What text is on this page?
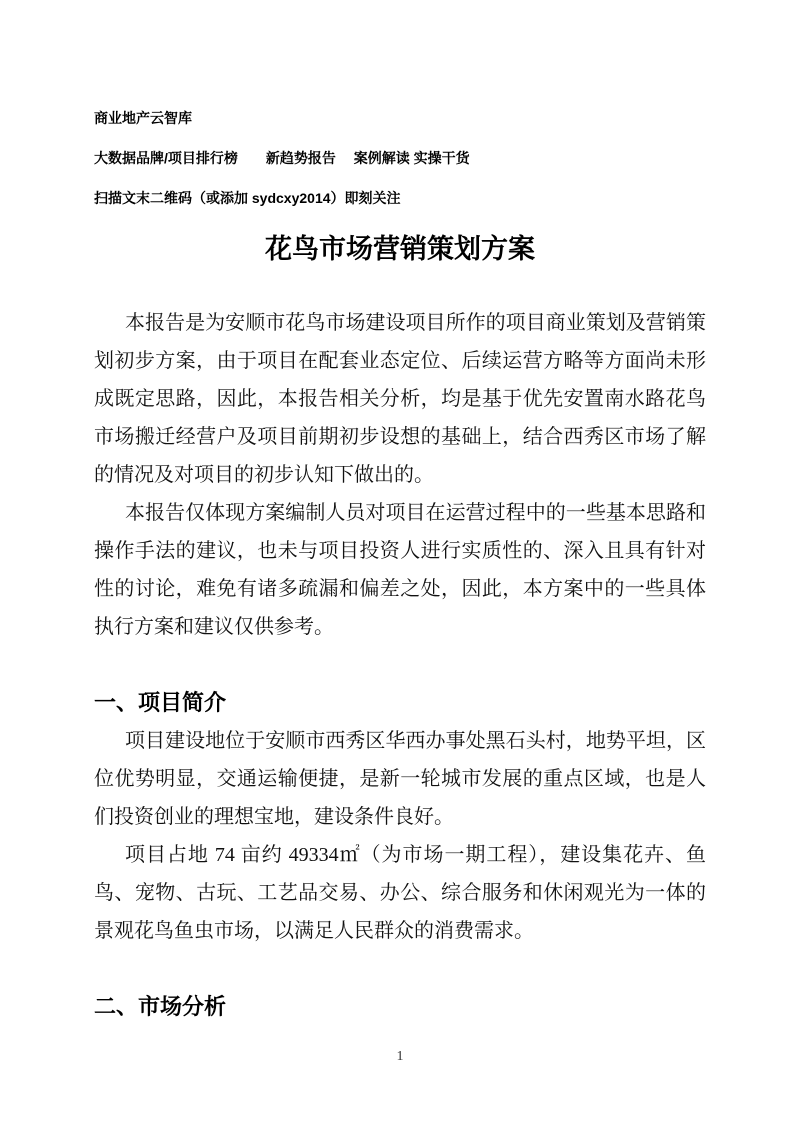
商业地产云智库

大数据品牌/项目排行榜　　新趋势报告　 案例解读 实操干货

扫描文末二维码（或添加 sydcxy2014）即刻关注

花鸟市场营销策划方案

本报告是为安顺市花鸟市场建设项目所作的项目商业策划及营销策划初步方案，由于项目在配套业态定位、后续运营方略等方面尚未形成既定思路，因此，本报告相关分析，均是基于优先安置南水路花鸟市场搬迁经营户及项目前期初步设想的基础上，结合西秀区市场了解的情况及对项目的初步认知下做出的。

本报告仅体现方案编制人员对项目在运营过程中的一些基本思路和操作手法的建议，也未与项目投资人进行实质性的、深入且具有针对性的讨论，难免有诸多疏漏和偏差之处，因此，本方案中的一些具体执行方案和建议仅供参考。

一、项目简介

项目建设地位于安顺市西秀区华西办事处黑石头村，地势平坦，区位优势明显，交通运输便捷，是新一轮城市发展的重点区域，也是人们投资创业的理想宝地，建设条件良好。

项目占地 74 亩约 49334㎡（为市场一期工程），建设集花卉、鱼鸟、宠物、古玩、工艺品交易、办公、综合服务和休闲观光为一体的景观花鸟鱼虫市场，以满足人民群众的消费需求。

二、市场分析
1
